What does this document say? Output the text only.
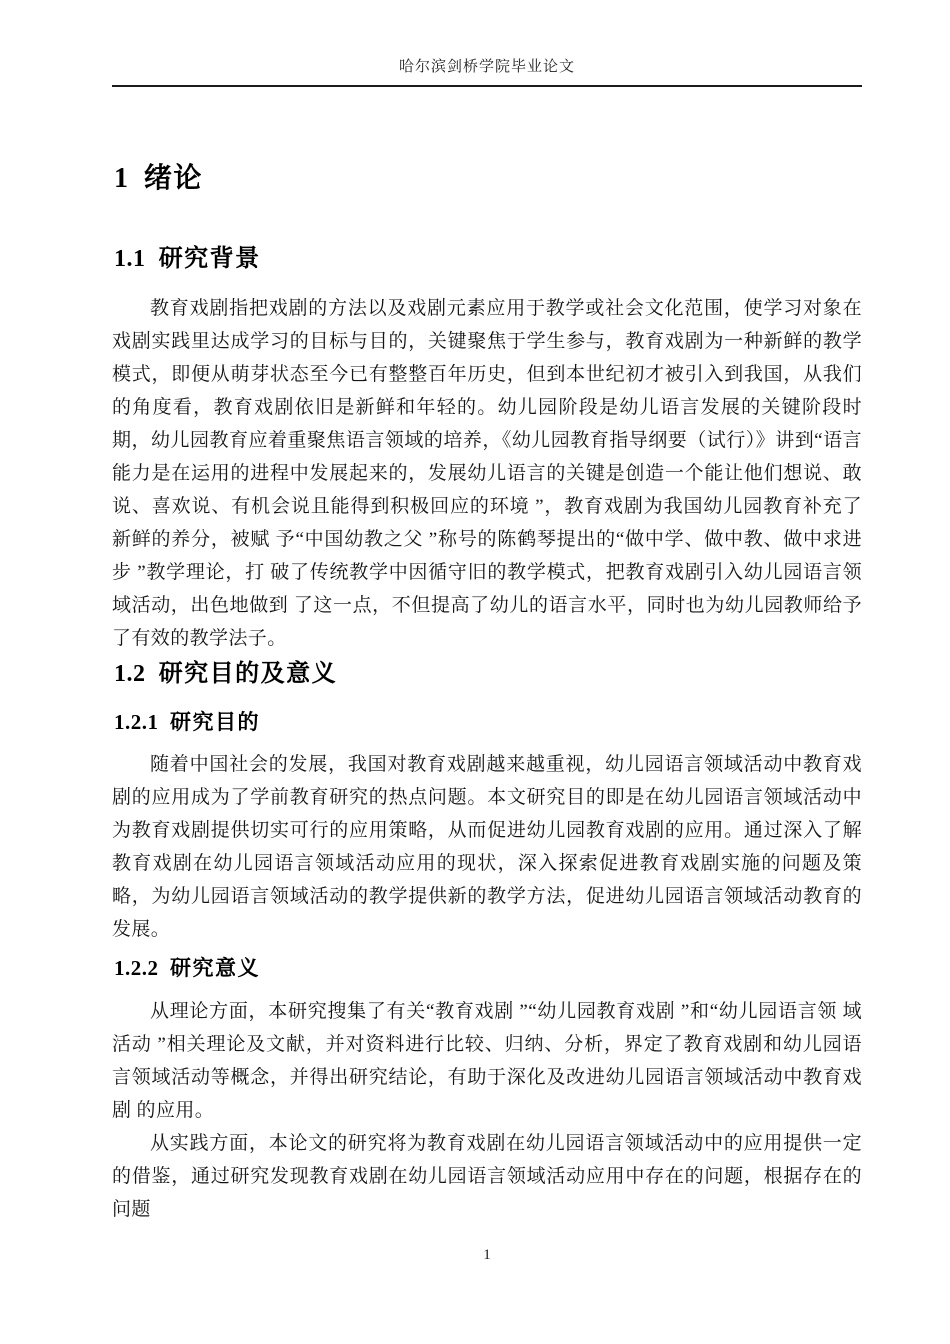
哈尔滨剑桥学院毕业论文
1 绪论
1.1 研究背景

教育戏剧指把戏剧的方法以及戏剧元素应用于教学或社会文化范围，使学习对象在戏剧实践里达成学习的目标与目的，关键聚焦于学生参与，教育戏剧为一种新鲜的教学模式，即便从萌芽状态至今已有整整百年历史，但到本世纪初才被引入到我国，从我们的角度看，教育戏剧依旧是新鲜和年轻的。幼儿园阶段是幼儿语言发展的关键阶段时期，幼儿园教育应着重聚焦语言领域的培养，《幼儿园教育指导纲要（试行）》讲到“语言能力是在运用的进程中发展起来的，发展幼儿语言的关键是创造一个能让他们想说、敢说、喜欢说、有机会说且能得到积极回应的环境 ”，教育戏剧为我国幼儿园教育补充了新鲜的养分，被赋 予“中国幼教之父 ”称号的陈鹤琴提出的“做中学、做中教、做中求进步 ”教学理论，打 破了传统教学中因循守旧的教学模式，把教育戏剧引入幼儿园语言领域活动，出色地做到 了这一点，不但提高了幼儿的语言水平，同时也为幼儿园教师给予了有效的教学法子。

1.2 研究目的及意义
1.2.1 研究目的

随着中国社会的发展，我国对教育戏剧越来越重视，幼儿园语言领域活动中教育戏剧的应用成为了学前教育研究的热点问题。本文研究目的即是在幼儿园语言领域活动中为教育戏剧提供切实可行的应用策略，从而促进幼儿园教育戏剧的应用。通过深入了解教育戏剧在幼儿园语言领域活动应用的现状，深入探索促进教育戏剧实施的问题及策略，为幼儿园语言领域活动的教学提供新的教学方法，促进幼儿园语言领域活动教育的发展。

1.2.2 研究意义

从理论方面，本研究搜集了有关“教育戏剧 ”“幼儿园教育戏剧 ”和“幼儿园语言领 域活动 ”相关理论及文献，并对资料进行比较、归纳、分析，界定了教育戏剧和幼儿园语 言领域活动等概念，并得出研究结论，有助于深化及改进幼儿园语言领域活动中教育戏剧 的应用。

从实践方面，本论文的研究将为教育戏剧在幼儿园语言领域活动中的应用提供一定的借鉴，通过研究发现教育戏剧在幼儿园语言领域活动应用中存在的问题，根据存在的问题

1
